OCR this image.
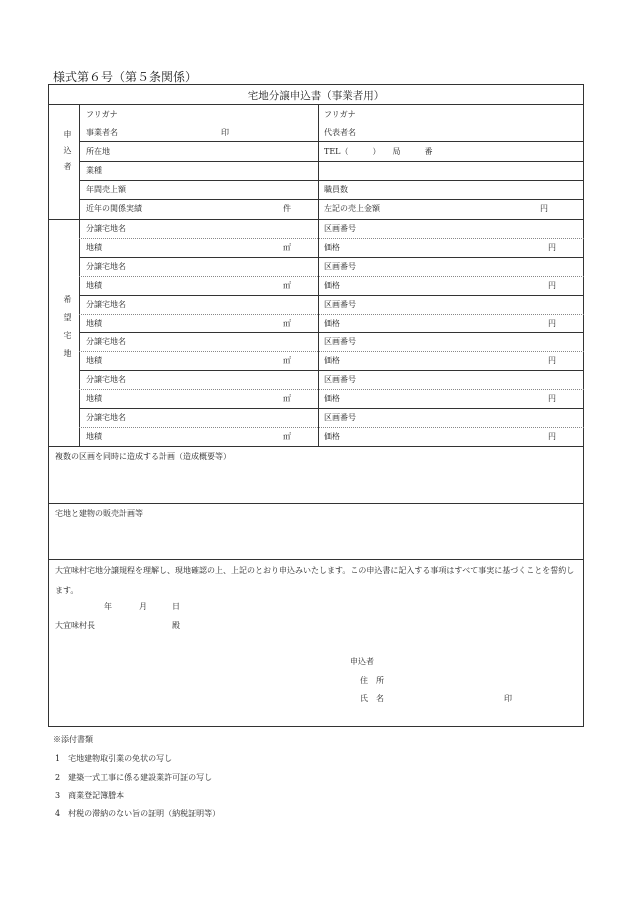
様式第６号（第５条関係）
宅地分譲申込書（事業者用）
申込者
フリガナ	フリガナ
事業者名	印	代表者名
所在地	TEL（　　　）　　局　　　番
業種
年間売上額	職員数
近年の関係実績	件	左記の売上金額	円
希望宅地
分譲宅地名	区画番号
地積	㎡	価格	円
分譲宅地名	区画番号
地積	㎡	価格	円
分譲宅地名	区画番号
地積	㎡	価格	円
分譲宅地名	区画番号
地積	㎡	価格	円
分譲宅地名	区画番号
地積	㎡	価格	円
分譲宅地名	区画番号
地積	㎡	価格	円
複数の区画を同時に造成する計画（造成概要等）
宅地と建物の販売計画等
大宜味村宅地分譲規程を理解し、現地確認の上、上記のとおり申込みいたします。この申込書に記入する事項はすべて事実に基づくことを誓約します。
年	月	日
大宜味村長	殿
申込者
住　所
氏　名	印
※添付書類
1　宅地建物取引業の免状の写し
2　建築一式工事に係る建設業許可証の写し
3　商業登記簿謄本
4　村税の滞納のない旨の証明（納税証明等）
